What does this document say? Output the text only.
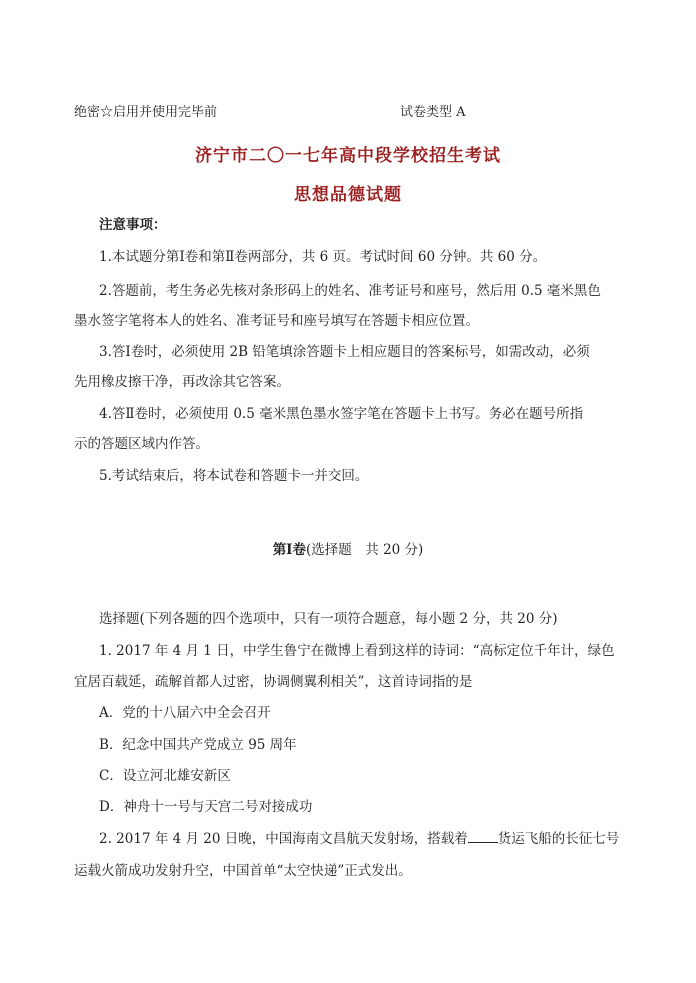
绝密☆启用并使用完毕前	试卷类型 A
济宁市二〇一七年高中段学校招生考试
思想品德试题
注意事项：
1.本试题分第Ⅰ卷和第Ⅱ卷两部分，共 6 页。考试时间 60 分钟。共 60 分。
2.答题前，考生务必先核对条形码上的姓名、准考证号和座号，然后用 0.5 毫米黑色
墨水签字笔将本人的姓名、准考证号和座号填写在答题卡相应位置。
3.答Ⅰ卷时，必须使用 2B 铅笔填涂答题卡上相应题目的答案标号，如需改动，必须
先用橡皮擦干净，再改涂其它答案。
4.答Ⅱ卷时，必须使用 0.5 毫米黑色墨水签字笔在答题卡上书写。务必在题号所指
示的答题区域内作答。
5.考试结束后，将本试卷和答题卡一并交回。
第Ⅰ卷(选择题　共 20 分)
选择题(下列各题的四个选项中，只有一项符合题意，每小题 2 分，共 20 分)
1. 2017 年 4 月 1 日，中学生鲁宁在微博上看到这样的诗词：“高标定位千年计，绿色
宜居百载延，疏解首都人过密，协调侧翼利相关”，这首诗词指的是
A．党的十八届六中全会召开
B．纪念中国共产党成立 95 周年
C．设立河北雄安新区
D．神舟十一号与天宫二号对接成功
2. 2017 年 4 月 20 日晚，中国海南文昌航天发射场，搭载着 货运飞船的长征七号
运载火箭成功发射升空，中国首单“太空快递”正式发出。
